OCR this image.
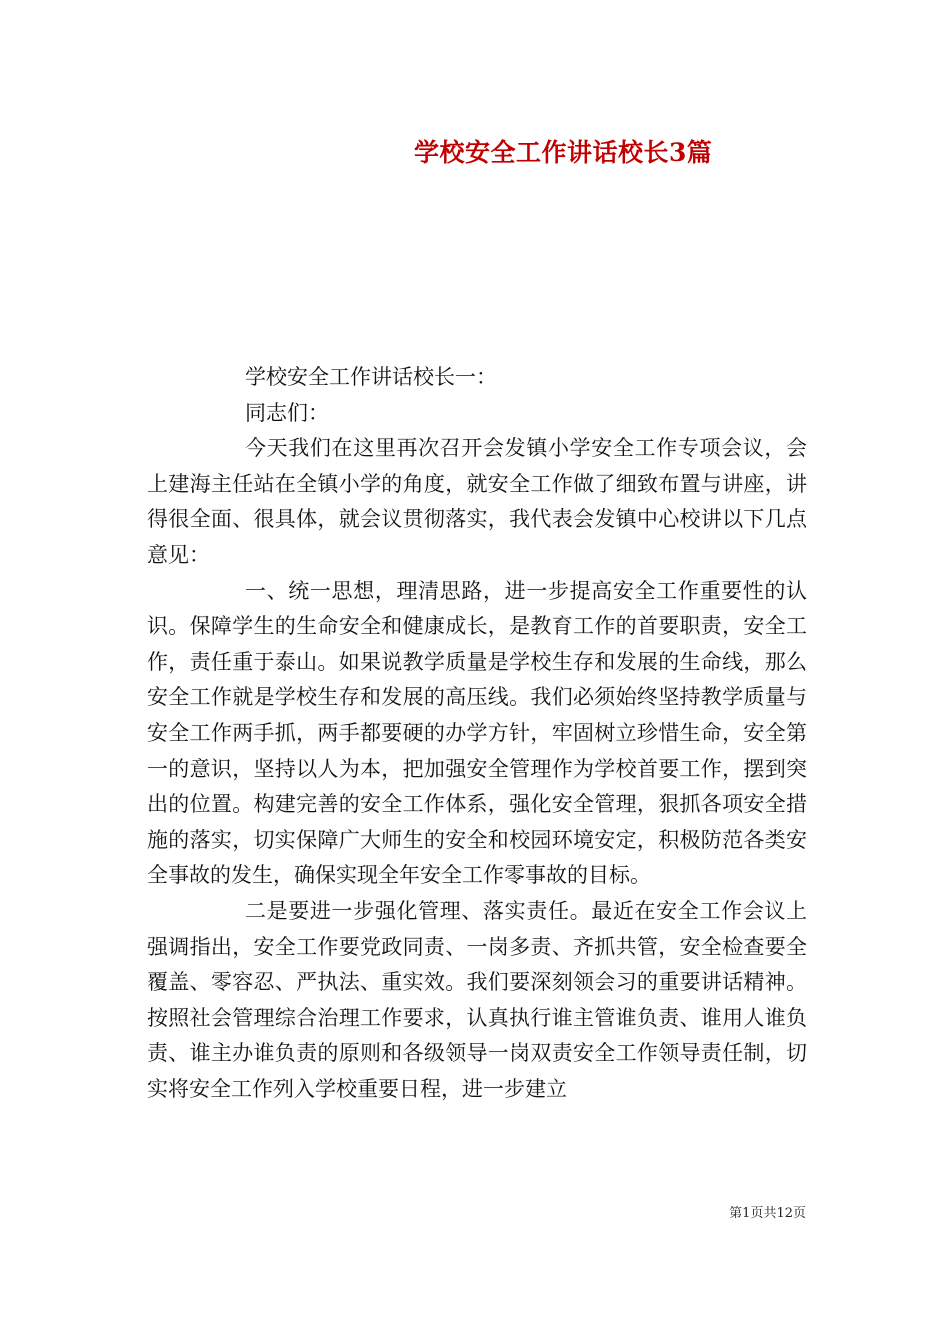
学校安全工作讲话校长3篇

学校安全工作讲话校长一：

同志们：

今天我们在这里再次召开会发镇小学安全工作专项会议，会上建海主任站在全镇小学的角度，就安全工作做了细致布置与讲座，讲得很全面、很具体，就会议贯彻落实，我代表会发镇中心校讲以下几点意见：

一、统一思想，理清思路，进一步提高安全工作重要性的认识。保障学生的生命安全和健康成长，是教育工作的首要职责，安全工作，责任重于泰山。如果说教学质量是学校生存和发展的生命线，那么安全工作就是学校生存和发展的高压线。我们必须始终坚持教学质量与安全工作两手抓，两手都要硬的办学方针，牢固树立珍惜生命，安全第一的意识，坚持以人为本，把加强安全管理作为学校首要工作，摆到突出的位置。构建完善的安全工作体系，强化安全管理，狠抓各项安全措施的落实，切实保障广大师生的安全和校园环境安定，积极防范各类安全事故的发生，确保实现全年安全工作零事故的目标。

二是要进一步强化管理、落实责任。最近在安全工作会议上强调指出，安全工作要党政同责、一岗多责、齐抓共管，安全检查要全覆盖、零容忍、严执法、重实效。我们要深刻领会习的重要讲话精神。按照社会管理综合治理工作要求，认真执行谁主管谁负责、谁用人谁负责、谁主办谁负责的原则和各级领导一岗双责安全工作领导责任制，切实将安全工作列入学校重要日程，进一步建立

第1页共12页
